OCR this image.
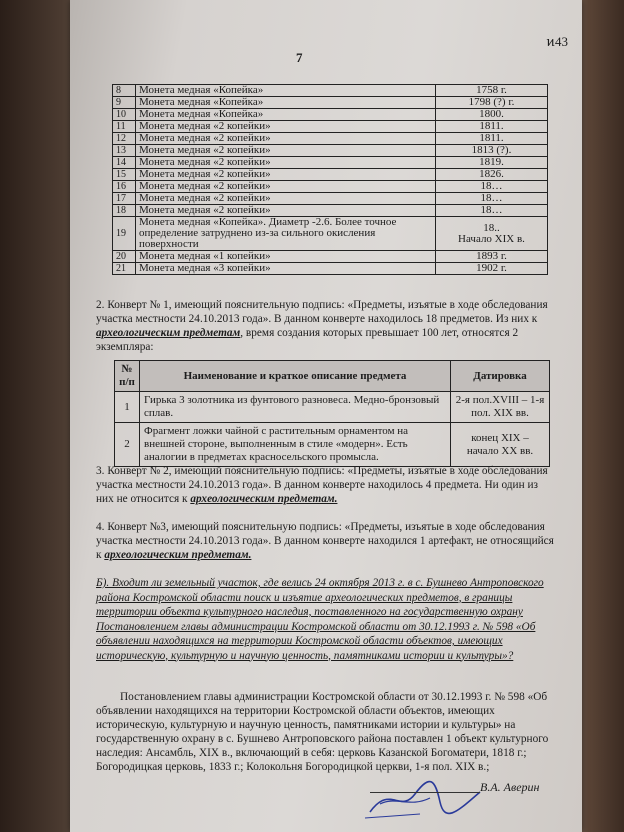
ͷ43
7
8	Монета медная «Копейка»	1758 г.
9	Монета медная «Копейка»	1798 (?) г.
10	Монета медная «Копейка»	1800.
11	Монета медная «2 копейки»	1811.
12	Монета медная «2 копейки»	1811.
13	Монета медная «2 копейки»	1813 (?).
14	Монета медная «2 копейки»	1819.
15	Монета медная «2 копейки»	1826.
16	Монета медная «2 копейки»	18…
17	Монета медная «2 копейки»	18…
18	Монета медная «2 копейки»	18…
19	Монета медная «Копейка». Диаметр -2.6. Более точное определение затруднено из-за сильного окисления поверхности	18..
Начало XIX в.
20	Монета медная «1 копейки»	1893 г.
21	Монета медная «3 копейки»	1902 г.
2. Конверт № 1, имеющий пояснительную подпись: «Предметы, изъятые в ходе обследования участка местности 24.10.2013 года». В данном конверте находилось 18 предметов. Из них к археологическим предметам, время создания которых превышает 100 лет, относятся 2 экземпляра:
№ п/п	Наименование и краткое описание предмета	Датировка
1	Гирька 3 золотника из фунтового разновеса. Медно-бронзовый сплав.	2-я пол.XVIII – 1-я пол. XIX вв.
2	Фрагмент ложки чайной с растительным орнаментом на внешней стороне, выполненным в стиле «модерн». Есть аналогии в предметах красносельского промысла.	конец XIX – начало XX вв.
3. Конверт № 2, имеющий пояснительную подпись: «Предметы, изъятые в ходе обследования участка местности 24.10.2013 года». В данном конверте находилось 4 предмета. Ни один из них не относится к археологическим предметам.
4. Конверт №3, имеющий пояснительную подпись: «Предметы, изъятые в ходе обследования участка местности 24.10.2013 года». В данном конверте находился 1 артефакт, не относящийся к археологическим предметам.
Б). Входит ли земельный участок, где велись 24 октября 2013 г. в с. Бушнево Антроповского района Костромской области поиск и изъятие археологических предметов, в границы территории объекта культурного наследия, поставленного на государственную охрану Постановлением главы администрации Костромской области от 30.12.1993 г. № 598 «Об объявлении находящихся на территории Костромской области объектов, имеющих историческую, культурную и научную ценность, памятниками истории и культуры»?
Постановлением главы администрации Костромской области от 30.12.1993 г. № 598 «Об объявлении находящихся на территории Костромской области объектов, имеющих историческую, культурную и научную ценность, памятниками истории и культуры» на государственную охрану в с. Бушнево Антроповского района поставлен 1 объект культурного наследия: Ансамбль, XIX в., включающий в себя: церковь Казанской Богоматери, 1818 г.; Богородицкая церковь, 1833 г.; Колокольня Богородицкой церкви, 1-я пол. XIX в.;
В.А. Аверин
